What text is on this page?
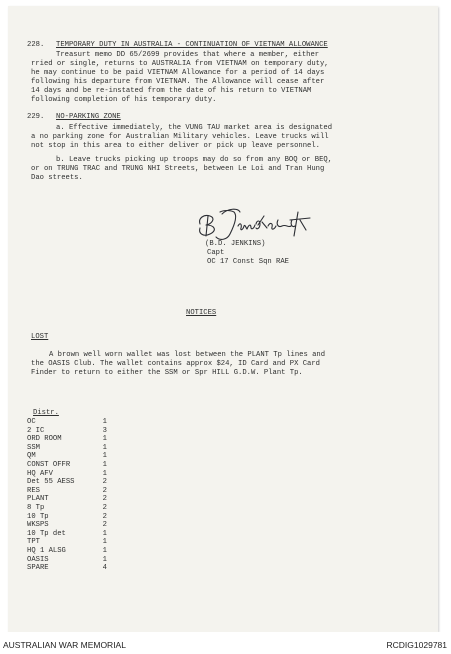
228. TEMPORARY DUTY IN AUSTRALIA - CONTINUATION OF VIETNAM ALLOWANCE
Treasurt memo DD 65/2699 provides that where a member, either
rried or single, returns to AUSTRALIA from VIETNAM on temporary duty,
he may continue to be paid VIETNAM Allowance for a period of 14 days
following his departure from VIETNAM. The Allowance will cease after
14 days and be re-instated from the date of his return to VIETNAM
following completion of his temporary duty.
229. NO-PARKING ZONE
a. Effective immediately, the VUNG TAU market area is designated
a no parking zone for Australian Military vehicles. Leave trucks will
not stop in this area to either deliver or pick up leave personnel.
b. Leave trucks picking up troops may do so from any BOQ or BEQ,
or on TRUNG TRAC and TRUNG NHI Streets, between Le Loi and Tran Hung
Dao streets.
(B.D. JENKINS)
Capt
OC 17 Const Sqn RAE
NOTICES
LOST
A brown well worn wallet was lost between the PLANT Tp lines and
the OASIS Club. The wallet contains approx $24, ID Card and PX Card
Finder to return to either the SSM or Spr HILL G.D.W. Plant Tp.
Distr.
OC	1
2 IC	3
ORD ROOM	1
SSM	1
QM	1
CONST OFFR	1
HQ AFV	1
Det 55 AESS	2
RES	2
PLANT	2
8 Tp	2
10 Tp	2
WKSPS	2
10 Tp det	1
TPT	1
HQ 1 ALSG	1
OASIS	1
SPARE	4
AUSTRALIAN WAR MEMORIAL	RCDIG1029781
